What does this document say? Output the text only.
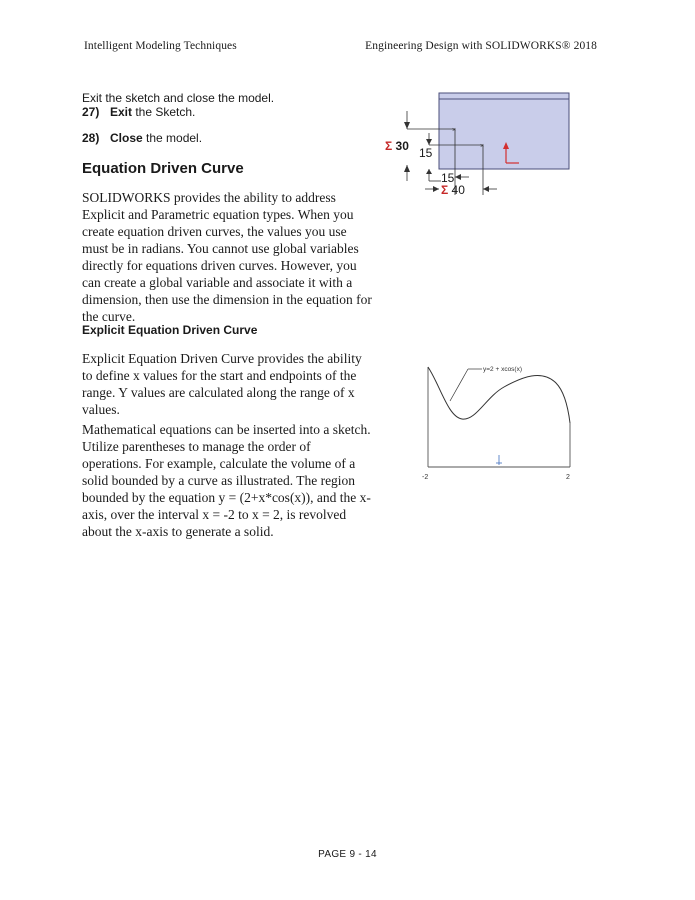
Intelligent Modeling Techniques	Engineering Design with SOLIDWORKS® 2018
Exit the sketch and close the model.
27) Exit the Sketch.
28) Close the model.
Equation Driven Curve
SOLIDWORKS provides the ability to address Explicit and Parametric equation types. When you create equation driven curves, the values you use must be in radians. You cannot use global variables directly for equations driven curves. However, you can create a global variable and associate it with a dimension, then use the dimension in the equation for the curve.
Explicit Equation Driven Curve
Explicit Equation Driven Curve provides the ability to define x values for the start and endpoints of the range. Y values are calculated along the range of x values.
Mathematical equations can be inserted into a sketch. Utilize parentheses to manage the order of operations. For example, calculate the volume of a solid bounded by a curve as illustrated. The region bounded by the equation y = (2+x*cos(x)), and the x-axis, over the interval x = -2 to x = 2, is revolved about the x-axis to generate a solid.
×
×
Σ 30 15
15
Σ 40
y=2 + xcos(x)
-2	2
PAGE 9 - 14
